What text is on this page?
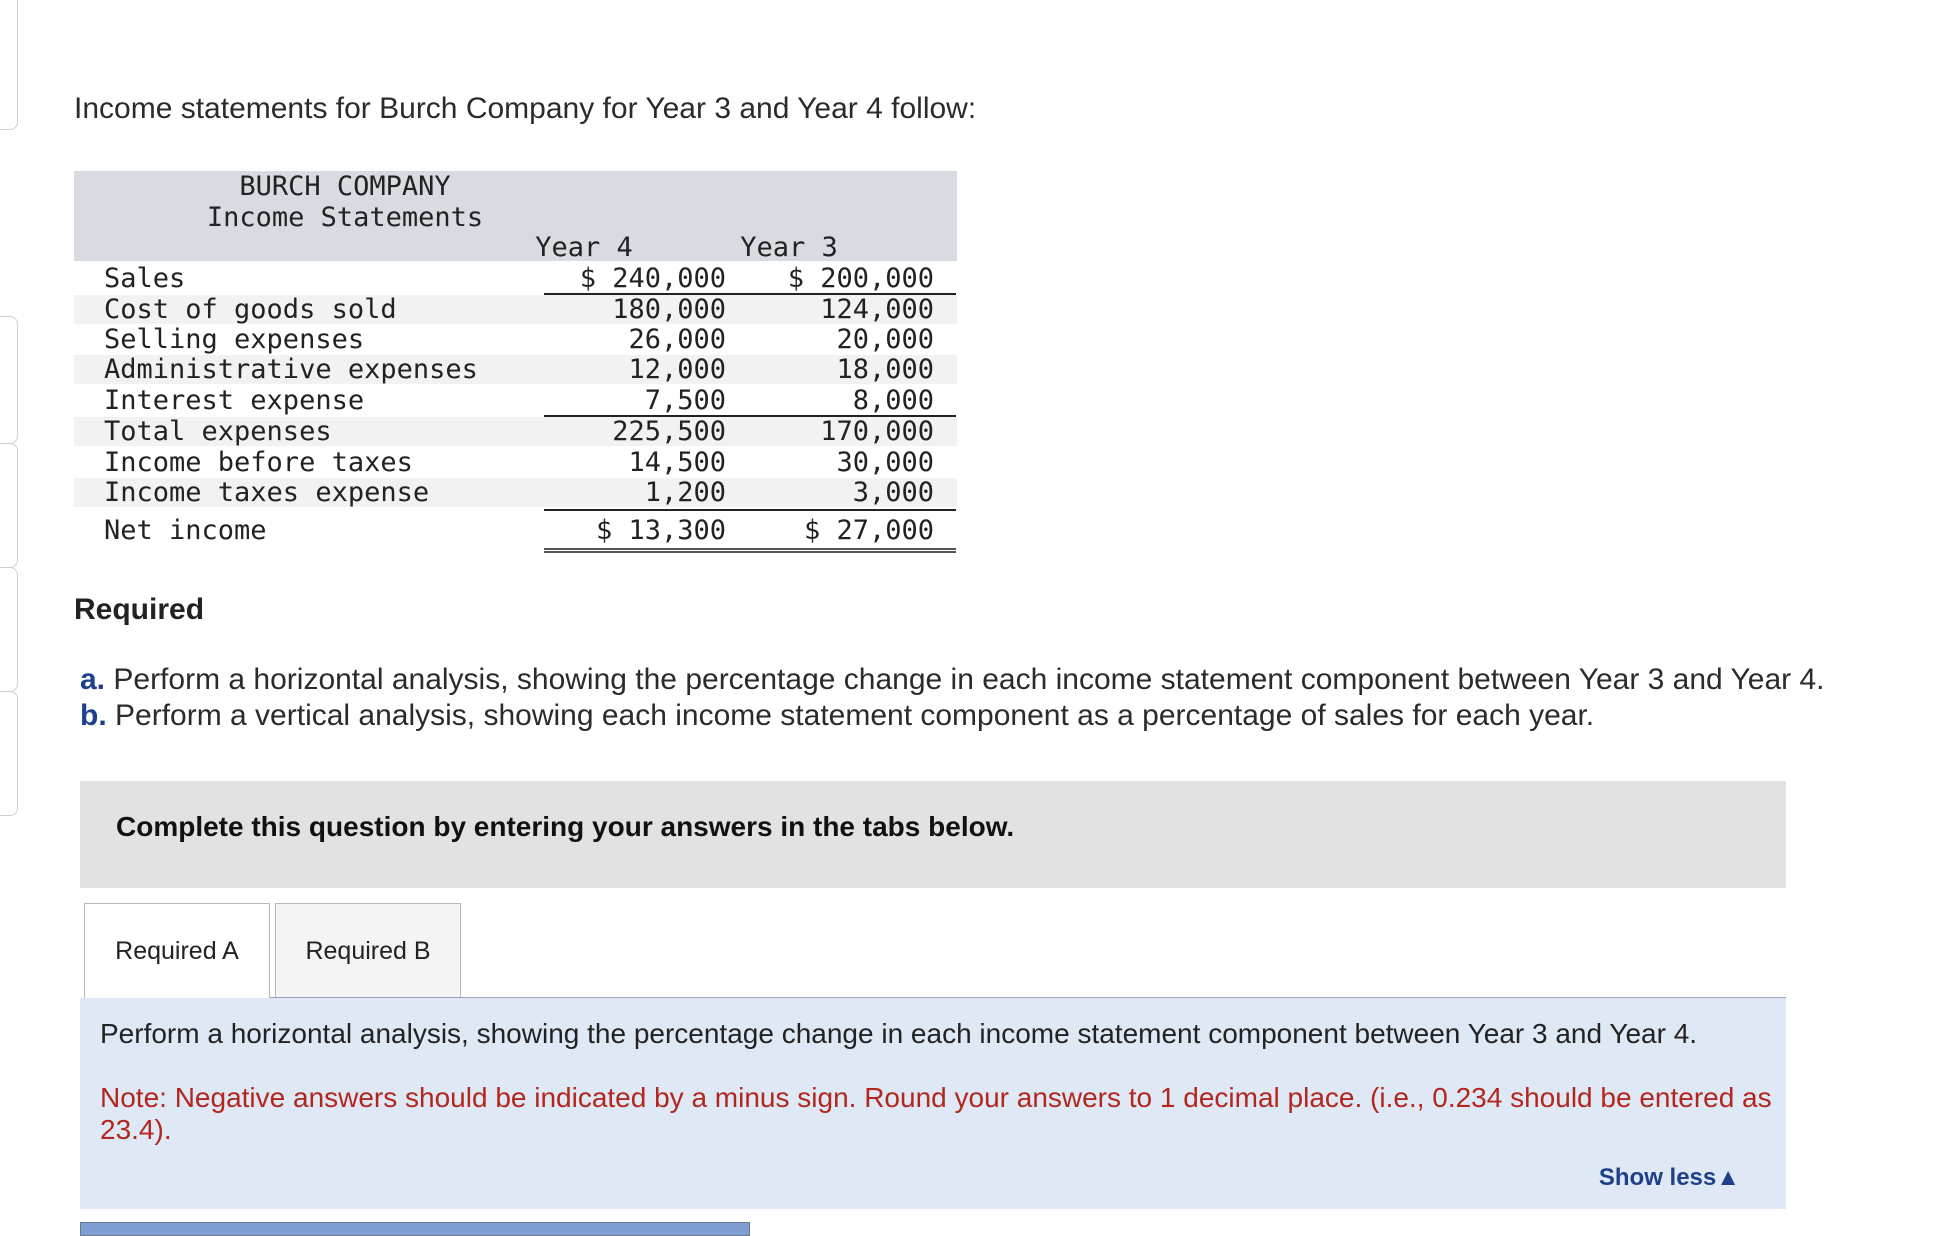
Income statements for Burch Company for Year 3 and Year 4 follow:

BURCH COMPANY
Income Statements
Year 4	Year 3
Sales	$ 240,000	$ 200,000
Cost of goods sold	180,000	124,000
Selling expenses	26,000	20,000
Administrative expenses	12,000	18,000
Interest expense	7,500	8,000
Total expenses	225,500	170,000
Income before taxes	14,500	30,000
Income taxes expense	1,200	3,000
Net income	$ 13,300	$ 27,000

Required

a. Perform a horizontal analysis, showing the percentage change in each income statement component between Year 3 and Year 4.
b. Perform a vertical analysis, showing each income statement component as a percentage of sales for each year.
Complete this question by entering your answers in the tabs below.
Required A	Required B
Perform a horizontal analysis, showing the percentage change in each income statement component between Year 3 and Year 4.
Note: Negative answers should be indicated by a minus sign. Round your answers to 1 decimal place. (i.e., 0.234 should be entered as 23.4).
Show less▲
